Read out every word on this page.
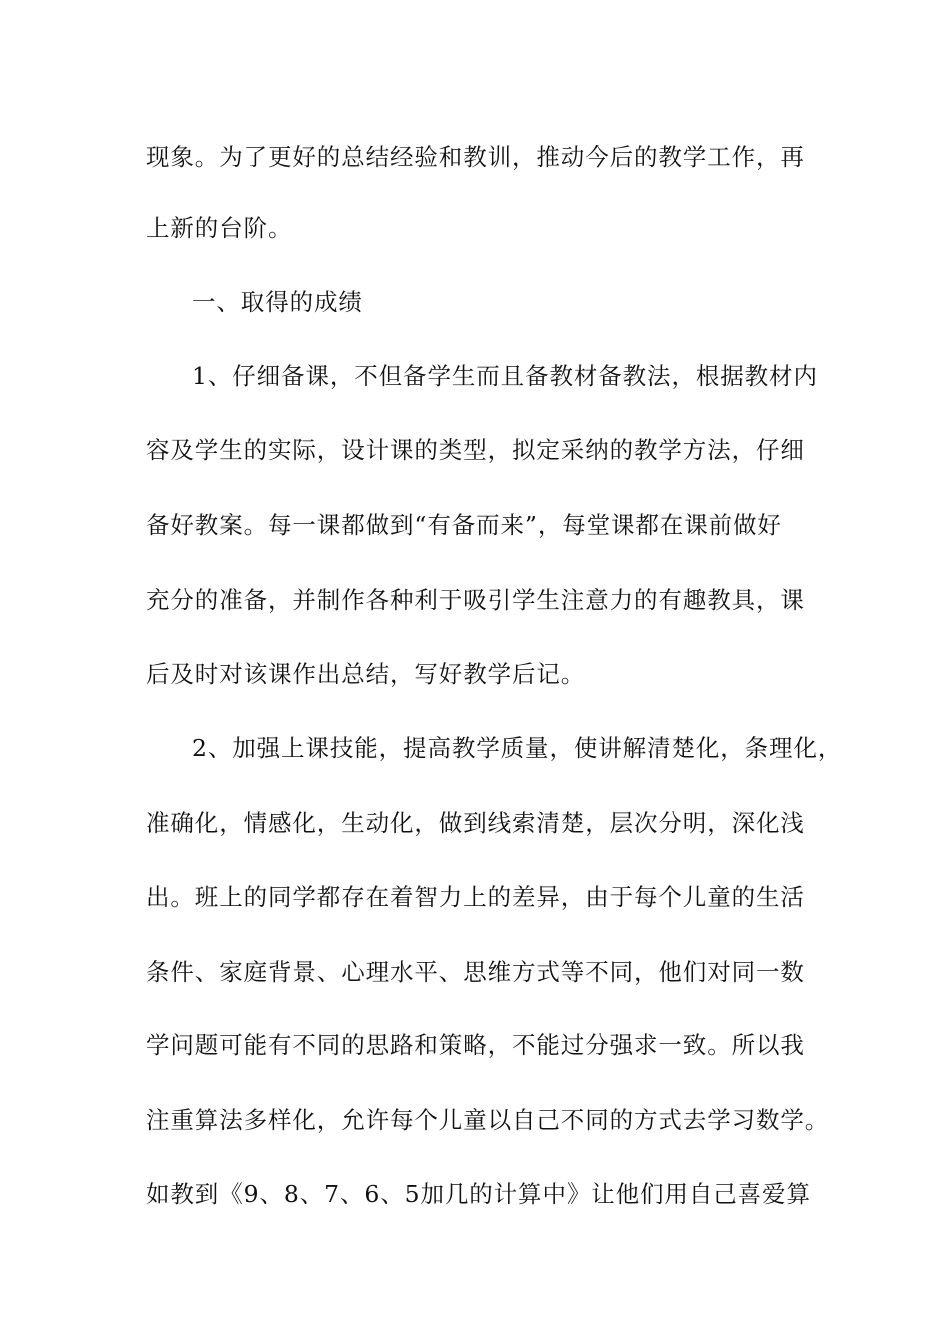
现象。为了更好的总结经验和教训，推动今后的教学工作，再
上新的台阶。
一、取得的成绩
1、仔细备课，不但备学生而且备教材备教法，根据教材内
容及学生的实际，设计课的类型，拟定采纳的教学方法，仔细
备好教案。每一课都做到“有备而来”，每堂课都在课前做好
充分的准备，并制作各种利于吸引学生注意力的有趣教具，课
后及时对该课作出总结，写好教学后记。
2、加强上课技能，提高教学质量，使讲解清楚化，条理化，
准确化，情感化，生动化，做到线索清楚，层次分明，深化浅
出。班上的同学都存在着智力上的差异，由于每个儿童的生活
条件、家庭背景、心理水平、思维方式等不同，他们对同一数
学问题可能有不同的思路和策略，不能过分强求一致。所以我
注重算法多样化，允许每个儿童以自己不同的方式去学习数学。
如教到《9、8、7、6、5加几的计算中》让他们用自己喜爱算
